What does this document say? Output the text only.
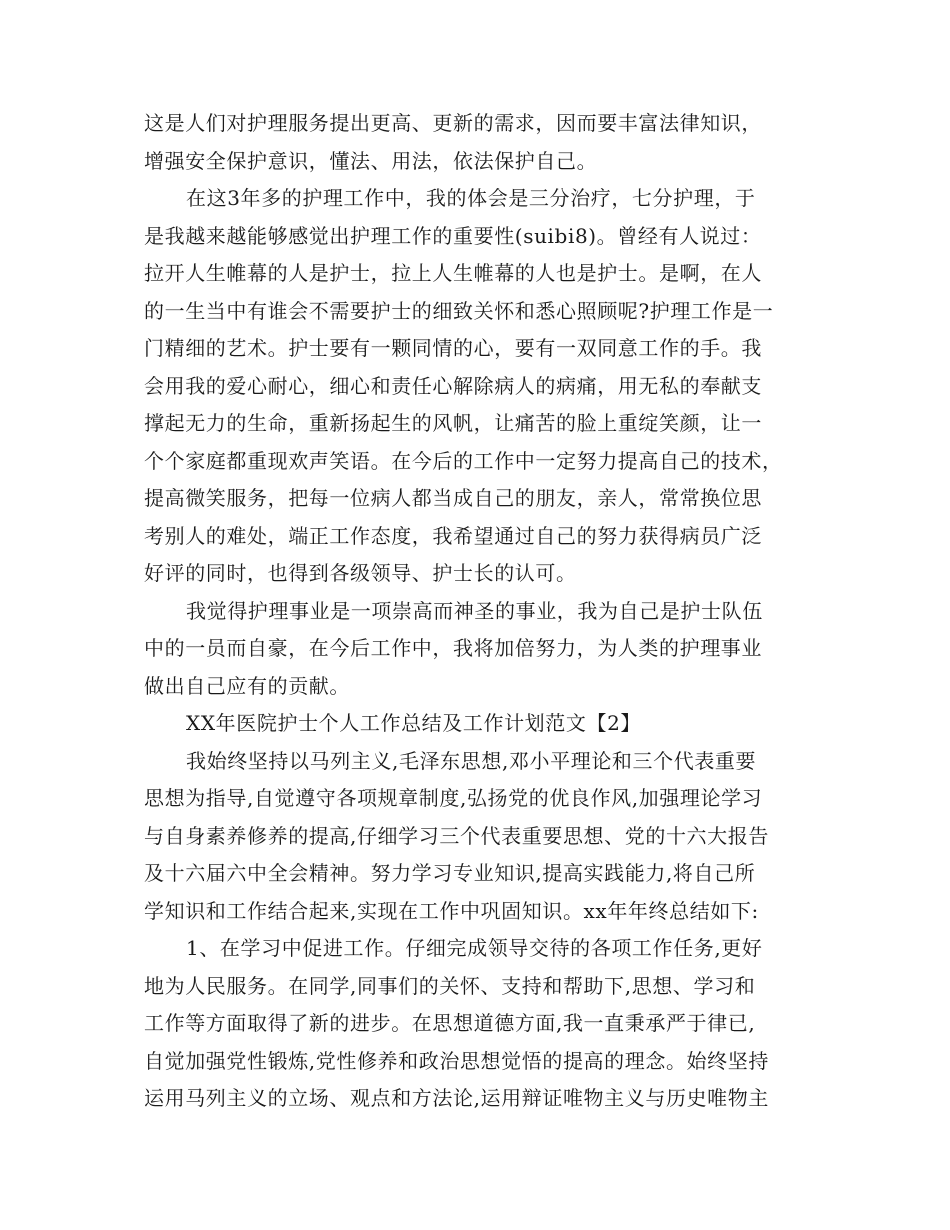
这是人们对护理服务提出更高、更新的需求，因而要丰富法律知识，
增强安全保护意识，懂法、用法，依法保护自己。
在这3年多的护理工作中，我的体会是三分治疗，七分护理，于
是我越来越能够感觉出护理工作的重要性(suibi8)。曾经有人说过：
拉开人生帷幕的人是护士，拉上人生帷幕的人也是护士。是啊，在人
的一生当中有谁会不需要护士的细致关怀和悉心照顾呢?护理工作是一
门精细的艺术。护士要有一颗同情的心，要有一双同意工作的手。我
会用我的爱心耐心，细心和责任心解除病人的病痛，用无私的奉献支
撑起无力的生命，重新扬起生的风帆，让痛苦的脸上重绽笑颜，让一
个个家庭都重现欢声笑语。在今后的工作中一定努力提高自己的技术，
提高微笑服务，把每一位病人都当成自己的朋友，亲人，常常换位思
考别人的难处，端正工作态度，我希望通过自己的努力获得病员广泛
好评的同时，也得到各级领导、护士长的认可。
我觉得护理事业是一项崇高而神圣的事业，我为自己是护士队伍
中的一员而自豪，在今后工作中，我将加倍努力，为人类的护理事业
做出自己应有的贡献。
XX年医院护士个人工作总结及工作计划范文【2】
我始终坚持以马列主义,毛泽东思想,邓小平理论和三个代表重要
思想为指导,自觉遵守各项规章制度,弘扬党的优良作风,加强理论学习
与自身素养修养的提高,仔细学习三个代表重要思想、党的十六大报告
及十六届六中全会精神。努力学习专业知识,提高实践能力,将自己所
学知识和工作结合起来,实现在工作中巩固知识。xx年年终总结如下:
1、在学习中促进工作。仔细完成领导交待的各项工作任务,更好
地为人民服务。在同学,同事们的关怀、支持和帮助下,思想、学习和
工作等方面取得了新的进步。在思想道德方面,我一直秉承严于律已,
自觉加强党性锻炼,党性修养和政治思想觉悟的提高的理念。始终坚持
运用马列主义的立场、观点和方法论,运用辩证唯物主义与历史唯物主
